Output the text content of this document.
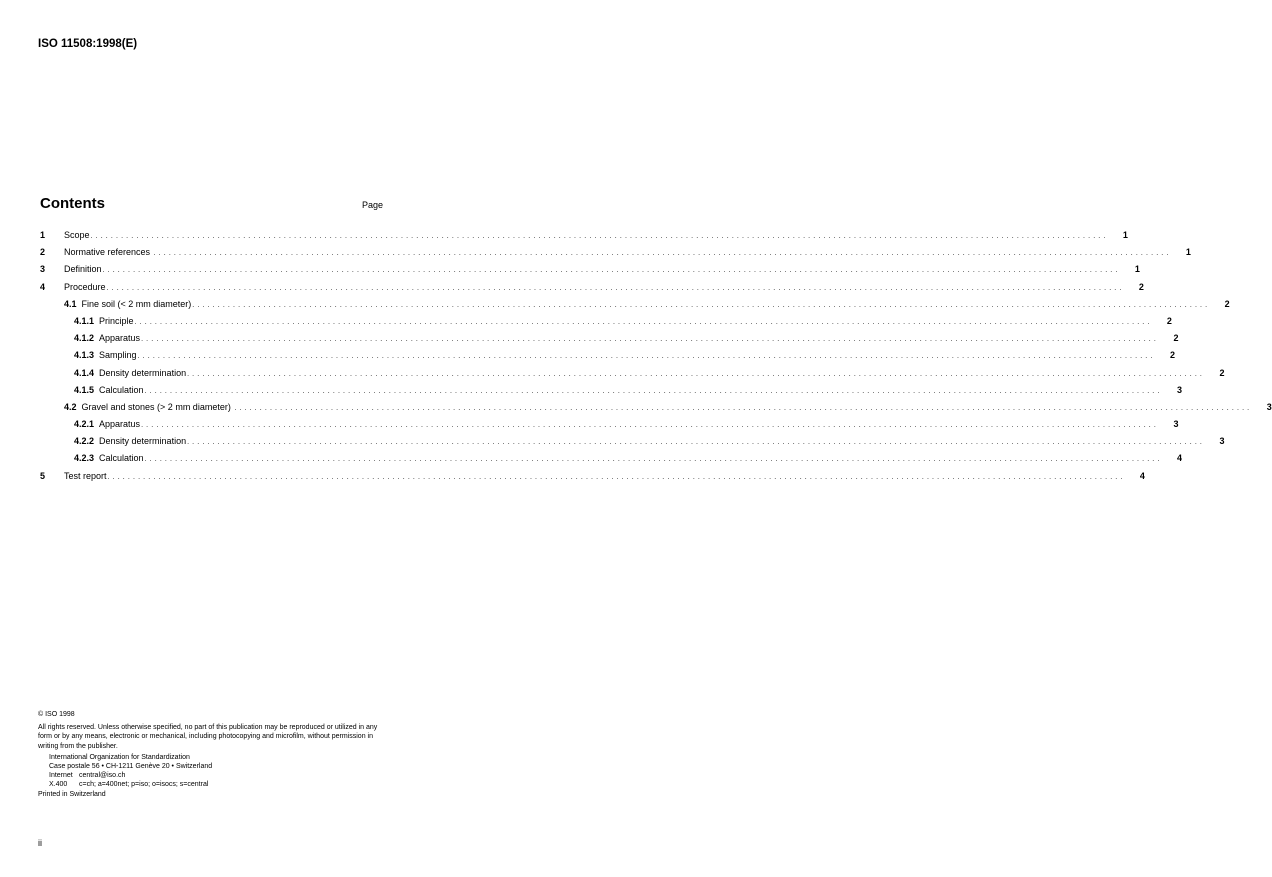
ISO 11508:1998(E)
Contents	Page
1	Scope . . . . . . . . . . . . . . . . . . . . . . . . . . . . . . . . . . . . . . . . . . . . . . . . . . . . . . . . . . . . . . . . . . . . . . . . . . . . . . . . . . . . . . . . . . . . . . . . . . . . . . . . . . . . . . . . . . . . . . . . . . . . . . . . . . . . . . . . . . . . . . . . . . . . . . . . . . . . . . . . . . . . . . . . . . . . . . . . . . . . . . . . . . . . . . . . . . . . . . . .	1
2	Normative references . . . . . . . . . . . . . . . . . . . . . . . . . . . . . . . . . . . . . . . . . . . . . . . . . . . . . . . . . . . . . . . . . . . . . . . . . . . . . . . . . . . . . . . . . . . . . . . . . . . . . . . . . . . . . . . . . . . . . . . . . . . . . . . . . . . . . . . . . . . . . . . . . . . . . . . . . . . . . . . . . . . . . . . . . . . . . . . . . . . . . . . . . . . . . . . . . . . . . . . .	1
3	Definition . . . . . . . . . . . . . . . . . . . . . . . . . . . . . . . . . . . . . . . . . . . . . . . . . . . . . . . . . . . . . . . . . . . . . . . . . . . . . . . . . . . . . . . . . . . . . . . . . . . . . . . . . . . . . . . . . . . . . . . . . . . . . . . . . . . . . . . . . . . . . . . . . . . . . . . . . . . . . . . . . . . . . . . . . . . . . . . . . . . . . . . . . . . . . . . . . . . . . . . .	1
4	Procedure . . . . . . . . . . . . . . . . . . . . . . . . . . . . . . . . . . . . . . . . . . . . . . . . . . . . . . . . . . . . . . . . . . . . . . . . . . . . . . . . . . . . . . . . . . . . . . . . . . . . . . . . . . . . . . . . . . . . . . . . . . . . . . . . . . . . . . . . . . . . . . . . . . . . . . . . . . . . . . . . . . . . . . . . . . . . . . . . . . . . . . . . . . . . . . . . . . . . . . . .	2
4.1 Fine soil (< 2 mm diameter) . . . . . . . . . . . . . . . . . . . . . . . . . . . . . . . . . . . . . . . . . . . . . . . . . . . . . . . . . . . . . . . . . . . . . . . . . . . . . . . . . . . . . . . . . . . . . . . . . . . . . . . . . . . . . . . . . . . . . . . . . . . . . . . . . . . . . . . . . . . . . . . . . . . . . . . . . . . . . . . . . . . . . . . . . . . . . . . . . . . . . . . . . . . . . . . . . . . . . . . .	2
4.1.1 Principle . . . . . . . . . . . . . . . . . . . . . . . . . . . . . . . . . . . . . . . . . . . . . . . . . . . . . . . . . . . . . . . . . . . . . . . . . . . . . . . . . . . . . . . . . . . . . . . . . . . . . . . . . . . . . . . . . . . . . . . . . . . . . . . . . . . . . . . . . . . . . . . . . . . . . . . . . . . . . . . . . . . . . . . . . . . . . . . . . . . . . . . . . . . . . . . . . . . . . . . .	2
4.1.2 Apparatus . . . . . . . . . . . . . . . . . . . . . . . . . . . . . . . . . . . . . . . . . . . . . . . . . . . . . . . . . . . . . . . . . . . . . . . . . . . . . . . . . . . . . . . . . . . . . . . . . . . . . . . . . . . . . . . . . . . . . . . . . . . . . . . . . . . . . . . . . . . . . . . . . . . . . . . . . . . . . . . . . . . . . . . . . . . . . . . . . . . . . . . . . . . . . . . . . . . . . . . .	2
4.1.3 Sampling . . . . . . . . . . . . . . . . . . . . . . . . . . . . . . . . . . . . . . . . . . . . . . . . . . . . . . . . . . . . . . . . . . . . . . . . . . . . . . . . . . . . . . . . . . . . . . . . . . . . . . . . . . . . . . . . . . . . . . . . . . . . . . . . . . . . . . . . . . . . . . . . . . . . . . . . . . . . . . . . . . . . . . . . . . . . . . . . . . . . . . . . . . . . . . . . . . . . . . . .	2
4.1.4 Density determination . . . . . . . . . . . . . . . . . . . . . . . . . . . . . . . . . . . . . . . . . . . . . . . . . . . . . . . . . . . . . . . . . . . . . . . . . . . . . . . . . . . . . . . . . . . . . . . . . . . . . . . . . . . . . . . . . . . . . . . . . . . . . . . . . . . . . . . . . . . . . . . . . . . . . . . . . . . . . . . . . . . . . . . . . . . . . . . . . . . . . . . . . . . . . . . . . . . . . . . .	2
4.1.5 Calculation . . . . . . . . . . . . . . . . . . . . . . . . . . . . . . . . . . . . . . . . . . . . . . . . . . . . . . . . . . . . . . . . . . . . . . . . . . . . . . . . . . . . . . . . . . . . . . . . . . . . . . . . . . . . . . . . . . . . . . . . . . . . . . . . . . . . . . . . . . . . . . . . . . . . . . . . . . . . . . . . . . . . . . . . . . . . . . . . . . . . . . . . . . . . . . . . . . . . . . . .	3
4.2 Gravel and stones (> 2 mm diameter) . . . . . . . . . . . . . . . . . . . . . . . . . . . . . . . . . . . . . . . . . . . . . . . . . . . . . . . . . . . . . . . . . . . . . . . . . . . . . . . . . . . . . . . . . . . . . . . . . . . . . . . . . . . . . . . . . . . . . . . . . . . . . . . . . . . . . . . . . . . . . . . . . . . . . . . . . . . . . . . . . . . . . . . . . . . . . . . . . . . . . . . . . . . . . . . . . . . . . . . .	3
4.2.1 Apparatus . . . . . . . . . . . . . . . . . . . . . . . . . . . . . . . . . . . . . . . . . . . . . . . . . . . . . . . . . . . . . . . . . . . . . . . . . . . . . . . . . . . . . . . . . . . . . . . . . . . . . . . . . . . . . . . . . . . . . . . . . . . . . . . . . . . . . . . . . . . . . . . . . . . . . . . . . . . . . . . . . . . . . . . . . . . . . . . . . . . . . . . . . . . . . . . . . . . . . . . .	3
4.2.2 Density determination . . . . . . . . . . . . . . . . . . . . . . . . . . . . . . . . . . . . . . . . . . . . . . . . . . . . . . . . . . . . . . . . . . . . . . . . . . . . . . . . . . . . . . . . . . . . . . . . . . . . . . . . . . . . . . . . . . . . . . . . . . . . . . . . . . . . . . . . . . . . . . . . . . . . . . . . . . . . . . . . . . . . . . . . . . . . . . . . . . . . . . . . . . . . . . . . . . . . . . . .	3
4.2.3 Calculation . . . . . . . . . . . . . . . . . . . . . . . . . . . . . . . . . . . . . . . . . . . . . . . . . . . . . . . . . . . . . . . . . . . . . . . . . . . . . . . . . . . . . . . . . . . . . . . . . . . . . . . . . . . . . . . . . . . . . . . . . . . . . . . . . . . . . . . . . . . . . . . . . . . . . . . . . . . . . . . . . . . . . . . . . . . . . . . . . . . . . . . . . . . . . . . . . . . . . . . .	4
5	Test report . . . . . . . . . . . . . . . . . . . . . . . . . . . . . . . . . . . . . . . . . . . . . . . . . . . . . . . . . . . . . . . . . . . . . . . . . . . . . . . . . . . . . . . . . . . . . . . . . . . . . . . . . . . . . . . . . . . . . . . . . . . . . . . . . . . . . . . . . . . . . . . . . . . . . . . . . . . . . . . . . . . . . . . . . . . . . . . . . . . . . . . . . . . . . . . . . . . . . . . .	4

© ISO 1998

All rights reserved. Unless otherwise specified, no part of this publication may be reproduced or utilized in any form or by any means, electronic or mechanical, including photocopying and microfilm, without permission in writing from the publisher.

International Organization for Standardization

Case postale 56 • CH-1211 Genève 20 • Switzerland

Internet central@iso.ch
X.400	c=ch; a=400net; p=iso; o=isocs; s=central

Printed in Switzerland

ii
